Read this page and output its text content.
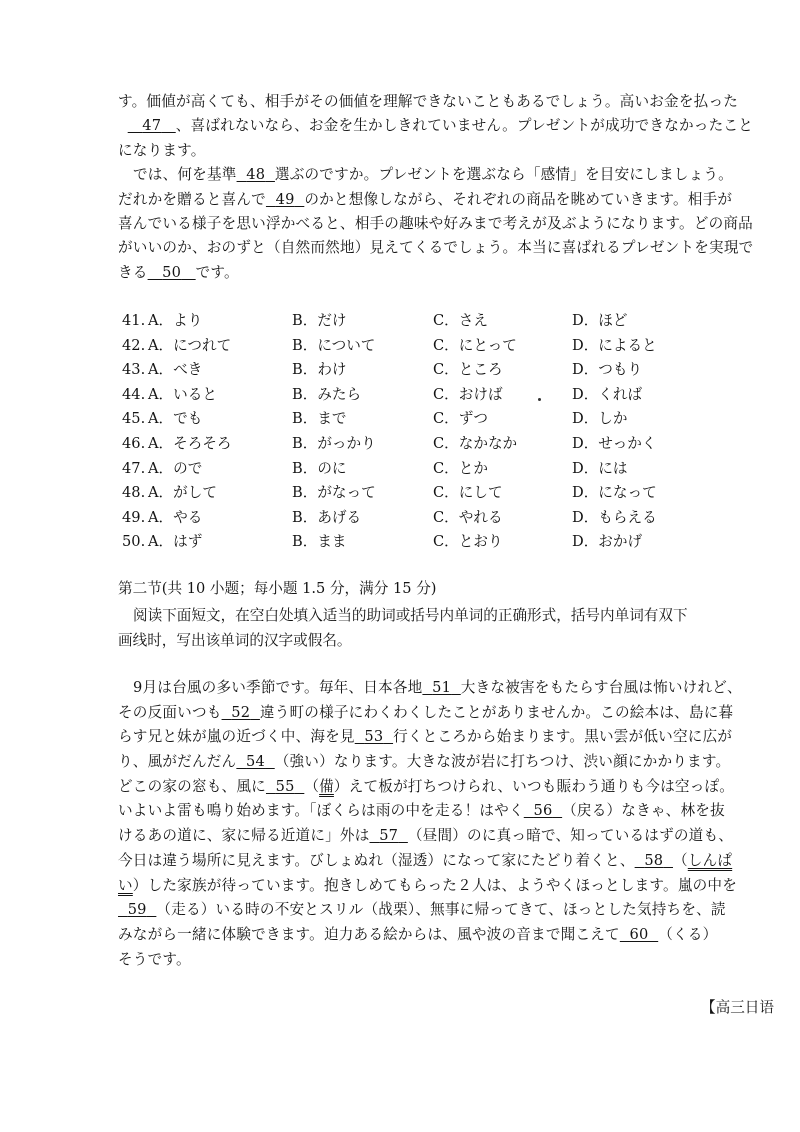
す。価値が高くても、相手がその価値を理解できないこともあるでしょう。高いお金を払った
47 、喜ばれないなら、お金を生かしきれていません。プレゼントが成功できなかったこと
になります。
では、何を基準 48 選ぶのですか。プレゼントを選ぶなら「感情」を目安にしましょう。
だれかを贈ると喜んで 49 のかと想像しながら、それぞれの商品を眺めていきます。相手が
喜んでいる様子を思い浮かべると、相手の趣味や好みまで考えが及ぶようになります。どの商品
がいいのか、おのずと（自然而然地）見えてくるでしょう。本当に喜ばれるプレゼントを実現で
きる 50 です。
41. A．より	B．だけ	C．さえ	D．ほど
42. A．につれて	B．について	C．にとって	D．によると
43. A．べき	B．わけ	C．ところ	D．つもり
44. A．いると	B．みたら	C．おけば	D．くれば
45. A．でも	B．まで	C．ずつ	D．しか
46. A．そろそろ	B．がっかり	C．なかなか	D．せっかく
47. A．ので	B．のに	C．とか	D．には
48. A．がして	B．がなって	C．にして	D．になって
49. A．やる	B．あげる	C．やれる	D．もらえる
50. A．はず	B．まま	C．とおり	D．おかげ
第二节(共 10 小题；每小题 1.5 分，满分 15 分)
阅读下面短文，在空白处填入适当的助词或括号内单词的正确形式，括号内单词有双下
画线时，写出该单词的汉字或假名。
9月は台風の多い季節です。毎年、日本各地 51 大きな被害をもたらす台風は怖いけれど、
その反面いつも 52 違う町の様子にわくわくしたことがありませんか。この絵本は、島に暮
らす兄と妹が嵐の近づく中、海を見 53 行くところから始まります。黒い雲が低い空に広が
り、風がだんだん 54 （強い）なります。大きな波が岩に打ちつけ、渋い顔にかかります。
どこの家の窓も、風に 55 （備）えて板が打ちつけられ、いつも賑わう通りも今は空っぽ。
いよいよ雷も鳴り始めます。「ぼくらは雨の中を走る！はやく 56 （戻る）なきゃ、林を抜
けるあの道に、家に帰る近道に」外は 57 （昼間）のに真っ暗で、知っているはずの道も、
今日は違う場所に見えます。びしょぬれ（湿透）になって家にたどり着くと、 58 （しんぱ
い）した家族が待っています。抱きしめてもらった２人は、ようやくほっとします。嵐の中を
59 （走る）いる時の不安とスリル（战栗）、無事に帰ってきて、ほっとした気持ちを、読
みながら一緒に体験できます。迫力ある絵からは、風や波の音まで聞こえて 60 （くる）
そうです。
【高三日语
